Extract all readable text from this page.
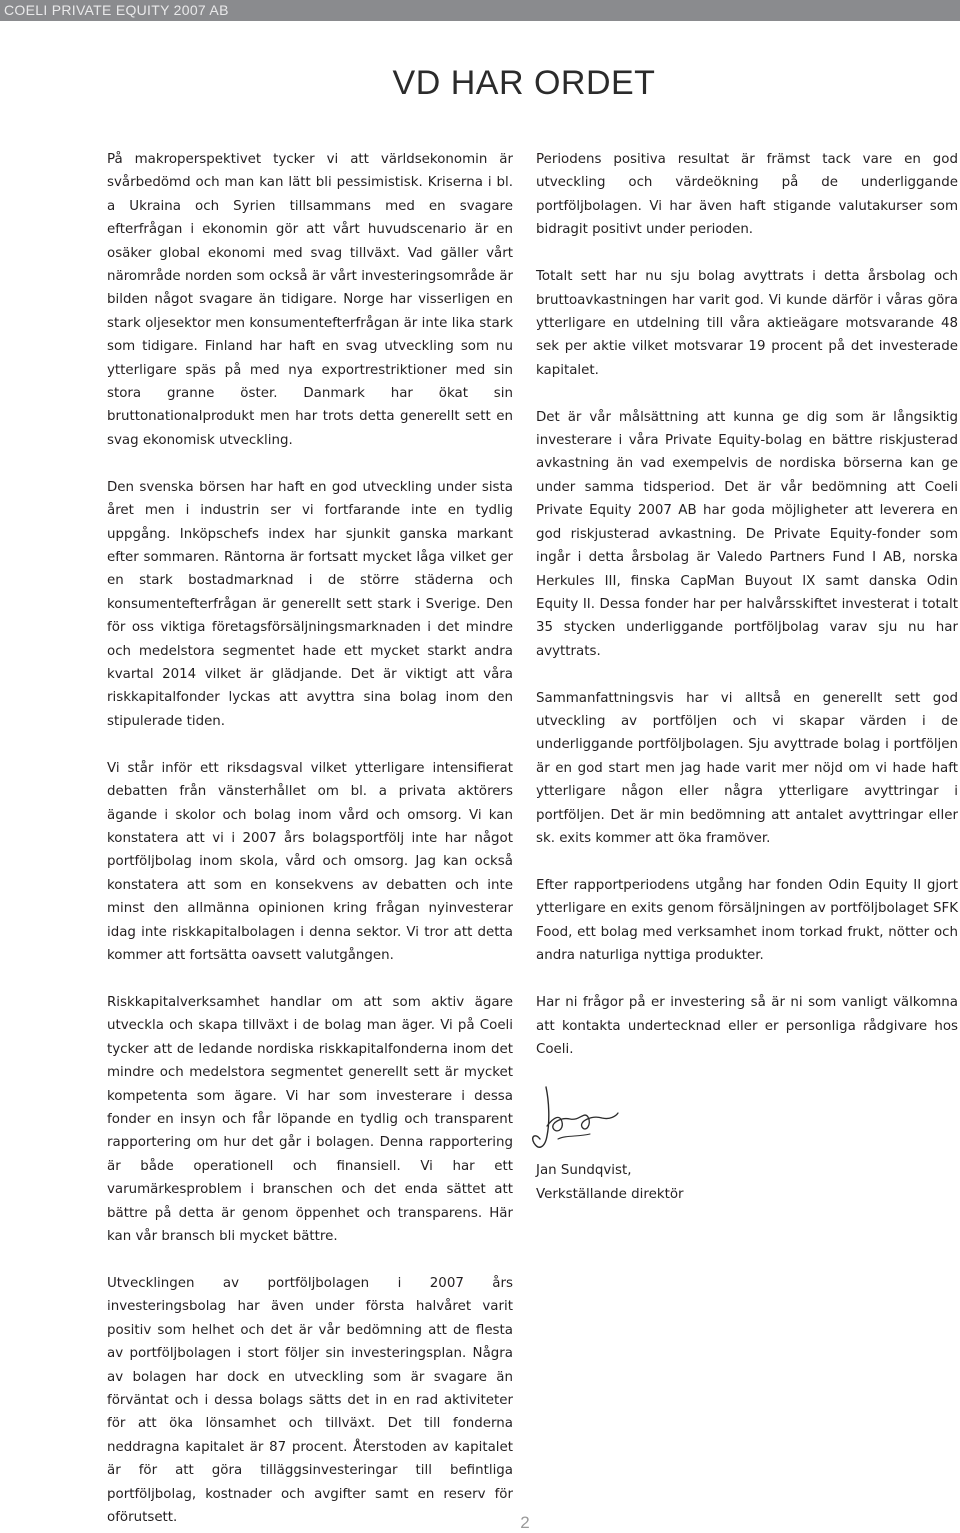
COELI PRIVATE EQUITY 2007 AB
VD HAR ORDET

På makroperspektivet tycker vi att världsekonomin är svårbedömd och man kan lätt bli pessimistisk. Kriserna i bl. a Ukraina och Syrien tillsammans med en svagare efterfrågan i ekonomin gör att vårt huvudscenario är en osäker global ekonomi med svag tillväxt. Vad gäller vårt närområde norden som också är vårt investeringsområde är bilden något svagare än tidigare. Norge har visserligen en stark oljesektor men konsumentefterfrågan är inte lika stark som tidigare. Finland har haft en svag utveckling som nu ytterligare späs på med nya exportrestriktioner med sin stora granne öster. Danmark har ökat sin bruttonationalprodukt men har trots detta generellt sett en svag ekonomisk utveckling.

Den svenska börsen har haft en god utveckling under sista året men i industrin ser vi fortfarande inte en tydlig uppgång. Inköpschefs index har sjunkit ganska markant efter sommaren. Räntorna är fortsatt mycket låga vilket ger en stark bostadmarknad i de större städerna och konsumentefterfrågan är generellt sett stark i Sverige. Den för oss viktiga företagsförsäljningsmarknaden i det mindre och medelstora segmentet hade ett mycket starkt andra kvartal 2014 vilket är glädjande. Det är viktigt att våra riskkapitalfonder lyckas att avyttra sina bolag inom den stipulerade tiden.

Vi står inför ett riksdagsval vilket ytterligare intensifierat debatten från vänsterhållet om bl. a privata aktörers ägande i skolor och bolag inom vård och omsorg. Vi kan konstatera att vi i 2007 års bolagsportfölj inte har något portföljbolag inom skola, vård och omsorg. Jag kan också konstatera att som en konsekvens av debatten och inte minst den allmänna opinionen kring frågan nyinvesterar idag inte riskkapitalbolagen i denna sektor. Vi tror att detta kommer att fortsätta oavsett valutgången.

Riskkapitalverksamhet handlar om att som aktiv ägare utveckla och skapa tillväxt i de bolag man äger. Vi på Coeli tycker att de ledande nordiska riskkapitalfonderna inom det mindre och medelstora segmentet generellt sett är mycket kompetenta som ägare. Vi har som investerare i dessa fonder en insyn och får löpande en tydlig och transparent rapportering om hur det går i bolagen. Denna rapportering är både operationell och finansiell. Vi har ett varumärkesproblem i branschen och det enda sättet att bättre på detta är genom öppenhet och transparens. Här kan vår bransch bli mycket bättre.

Utvecklingen av portföljbolagen i 2007 års investeringsbolag har även under första halvåret varit positiv som helhet och det är vår bedömning att de flesta av portföljbolagen i stort följer sin investeringsplan. Några av bolagen har dock en utveckling som är svagare än förväntat och i dessa bolags sätts det in en rad aktiviteter för att öka lönsamhet och tillväxt. Det till fonderna neddragna kapitalet är 87 procent. Återstoden av kapitalet är för att göra tilläggsinvesteringar till befintliga portföljbolag, kostnader och avgifter samt en reserv för oförutsett.

Periodens positiva resultat är främst tack vare en god utveckling och värdeökning på de underliggande portföljbolagen. Vi har även haft stigande valutakurser som bidragit positivt under perioden.

Totalt sett har nu sju bolag avyttrats i detta årsbolag och bruttoavkastningen har varit god. Vi kunde därför i våras göra ytterligare en utdelning till våra aktieägare motsvarande 48 sek per aktie vilket motsvarar 19 procent på det investerade kapitalet.

Det är vår målsättning att kunna ge dig som är långsiktig investerare i våra Private Equity-bolag en bättre riskjusterad avkastning än vad exempelvis de nordiska börserna kan ge under samma tidsperiod. Det är vår bedömning att Coeli Private Equity 2007 AB har goda möjligheter att leverera en god riskjusterad avkastning. De Private Equity-fonder som ingår i detta årsbolag är Valedo Partners Fund I AB, norska Herkules III, finska CapMan Buyout IX samt danska Odin Equity II. Dessa fonder har per halvårsskiftet investerat i totalt 35 stycken underliggande portföljbolag varav sju nu har avyttrats.

Sammanfattningsvis har vi alltså en generellt sett god utveckling av portföljen och vi skapar värden i de underliggande portföljbolagen. Sju avyttrade bolag i portföljen är en god start men jag hade varit mer nöjd om vi hade haft ytterligare någon eller några ytterligare avyttringar i portföljen. Det är min bedömning att antalet avyttringar eller sk. exits kommer att öka framöver.

Efter rapportperiodens utgång har fonden Odin Equity II gjort ytterligare en exits genom försäljningen av portföljbolaget SFK Food, ett bolag med verksamhet inom torkad frukt, nötter och andra naturliga nyttiga produkter.

Har ni frågor på er investering så är ni som vanligt välkomna att kontakta undertecknad eller er personliga rådgivare hos Coeli.

Jan Sundqvist,

Verkställande direktör

2
